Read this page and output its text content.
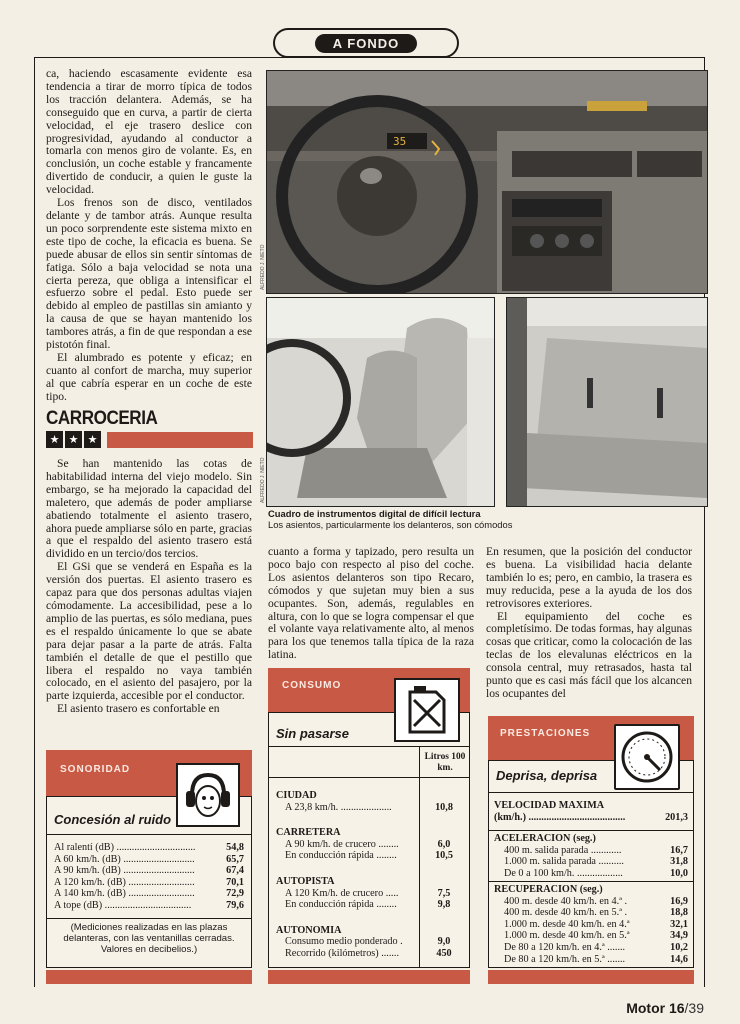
A FONDO

ca, haciendo escasamente evidente esa tendencia a tirar de morro típica de todos los tracción delantera. Además, se ha conseguido que en curva, a partir de cierta velocidad, el eje trasero deslice con progresividad, ayudando al conductor a tomarla con menos giro de volante. Es, en conclusión, un coche estable y francamente divertido de conducir, a quien le guste la velocidad.

Los frenos son de disco, ventilados delante y de tambor atrás. Aunque resulta un poco sorprendente este sistema mixto en este tipo de coche, la eficacia es buena. Se puede abusar de ellos sin sentir síntomas de fatiga. Sólo a baja velocidad se nota una cierta pereza, que obliga a intensificar el esfuerzo sobre el pedal. Esto puede ser debido al empleo de pastillas sin amianto y la causa de que se hayan mantenido los tambores atrás, a fin de que respondan a ese pistotón final.

El alumbrado es potente y eficaz; en cuanto al confort de marcha, muy superior al que cabría esperar en un coche de este tipo.

CARROCERIA
★ ★ ★

Se han mantenido las cotas de habitabilidad interna del viejo modelo. Sin embargo, se ha mejorado la capacidad del maletero, que además de poder ampliarse abatiendo totalmente el asiento trasero, ahora puede ampliarse sólo en parte, gracias a que el respaldo del asiento trasero está dividido en un tercio/dos tercios.

El GSi que se venderá en España es la versión dos puertas. El asiento trasero es capaz para que dos personas adultas viajen cómodamente. La accesibilidad, pese a lo amplio de las puertas, es sólo mediana, pues es el respaldo únicamente lo que se abate para dejar pasar a la parte de atrás. Falta también el detalle de que el pestillo que libera el respaldo no vaya también colocado, en el asiento del pasajero, por la parte izquierda, accesible por el conductor.

El asiento trasero es confortable en

35
ALFREDO J. NIETO
ALFREDO J. NIETO
Cuadro de instrumentos digital de difícil lectura
Los asientos, particularmente los delanteros, son cómodos

cuanto a forma y tapizado, pero resulta un poco bajo con respecto al piso del coche. Los asientos delanteros son tipo Recaro, cómodos y que sujetan muy bien a sus ocupantes. Son, además, regulables en altura, con lo que se logra compensar el que el volante vaya relativamente alto, al menos para los que tenemos talla típica de la raza latina.

En resumen, que la posición del conductor es buena. La visibilidad hacia delante también lo es; pero, en cambio, la trasera es muy reducida, pese a la ayuda de los dos retrovisores exteriores.

El equipamiento del coche es completísimo. De todas formas, hay algunas cosas que criticar, como la colocación de las teclas de los elevalunas eléctricos en la consola central, muy retrasados, hasta tal punto que es casi más fácil que los alcancen los ocupantes del

SONORIDAD
Concesión al ruido
Al ralentí (dB) ...............................	54,8
A 60 km/h. (dB) ............................	65,7
A 90 km/h. (dB) ............................	67,4
A 120 km/h. (dB) ..........................	70,1
A 140 km/h. (dB) ..........................	72,9
A tope (dB) ..................................	79,6
(Mediciones realizadas en las plazas delanteras, con las ventanillas cerradas. Valores en decibelios.)
CONSUMO
Sin pasarse
Litros 100 km.
CIUDAD
A 23,8 km/h. ....................	10,8
CARRETERA
A 90 km/h. de crucero ........	6,0
En conducción rápida ........	10,5
AUTOPISTA
A 120 Km/h. de crucero .....	7,5
En conducción rápida ........	9,8
AUTONOMIA
Consumo medio ponderado .	9,0
Recorrido (kilómetros) .......	450
PRESTACIONES
Deprisa, deprisa
VELOCIDAD MAXIMA
(km/h.) ......................................	201,3
ACELERACION (seg.)
400 m. salida parada ............	16,7
1.000 m. salida parada ..........	31,8
De 0 a 100 km/h. ..................	10,0
RECUPERACION (seg.)
400 m. desde 40 km/h. en 4.ª .	16,9
400 m. desde 40 km/h. en 5.ª .	18,8
1.000 m. desde 40 km/h. en 4.ª	32,1
1.000 m. desde 40 km/h. en 5.ª	34,9
De 80 a 120 km/h. en 4.ª .......	10,2
De 80 a 120 km/h. en 5.ª .......	14,6
Motor 16/39
